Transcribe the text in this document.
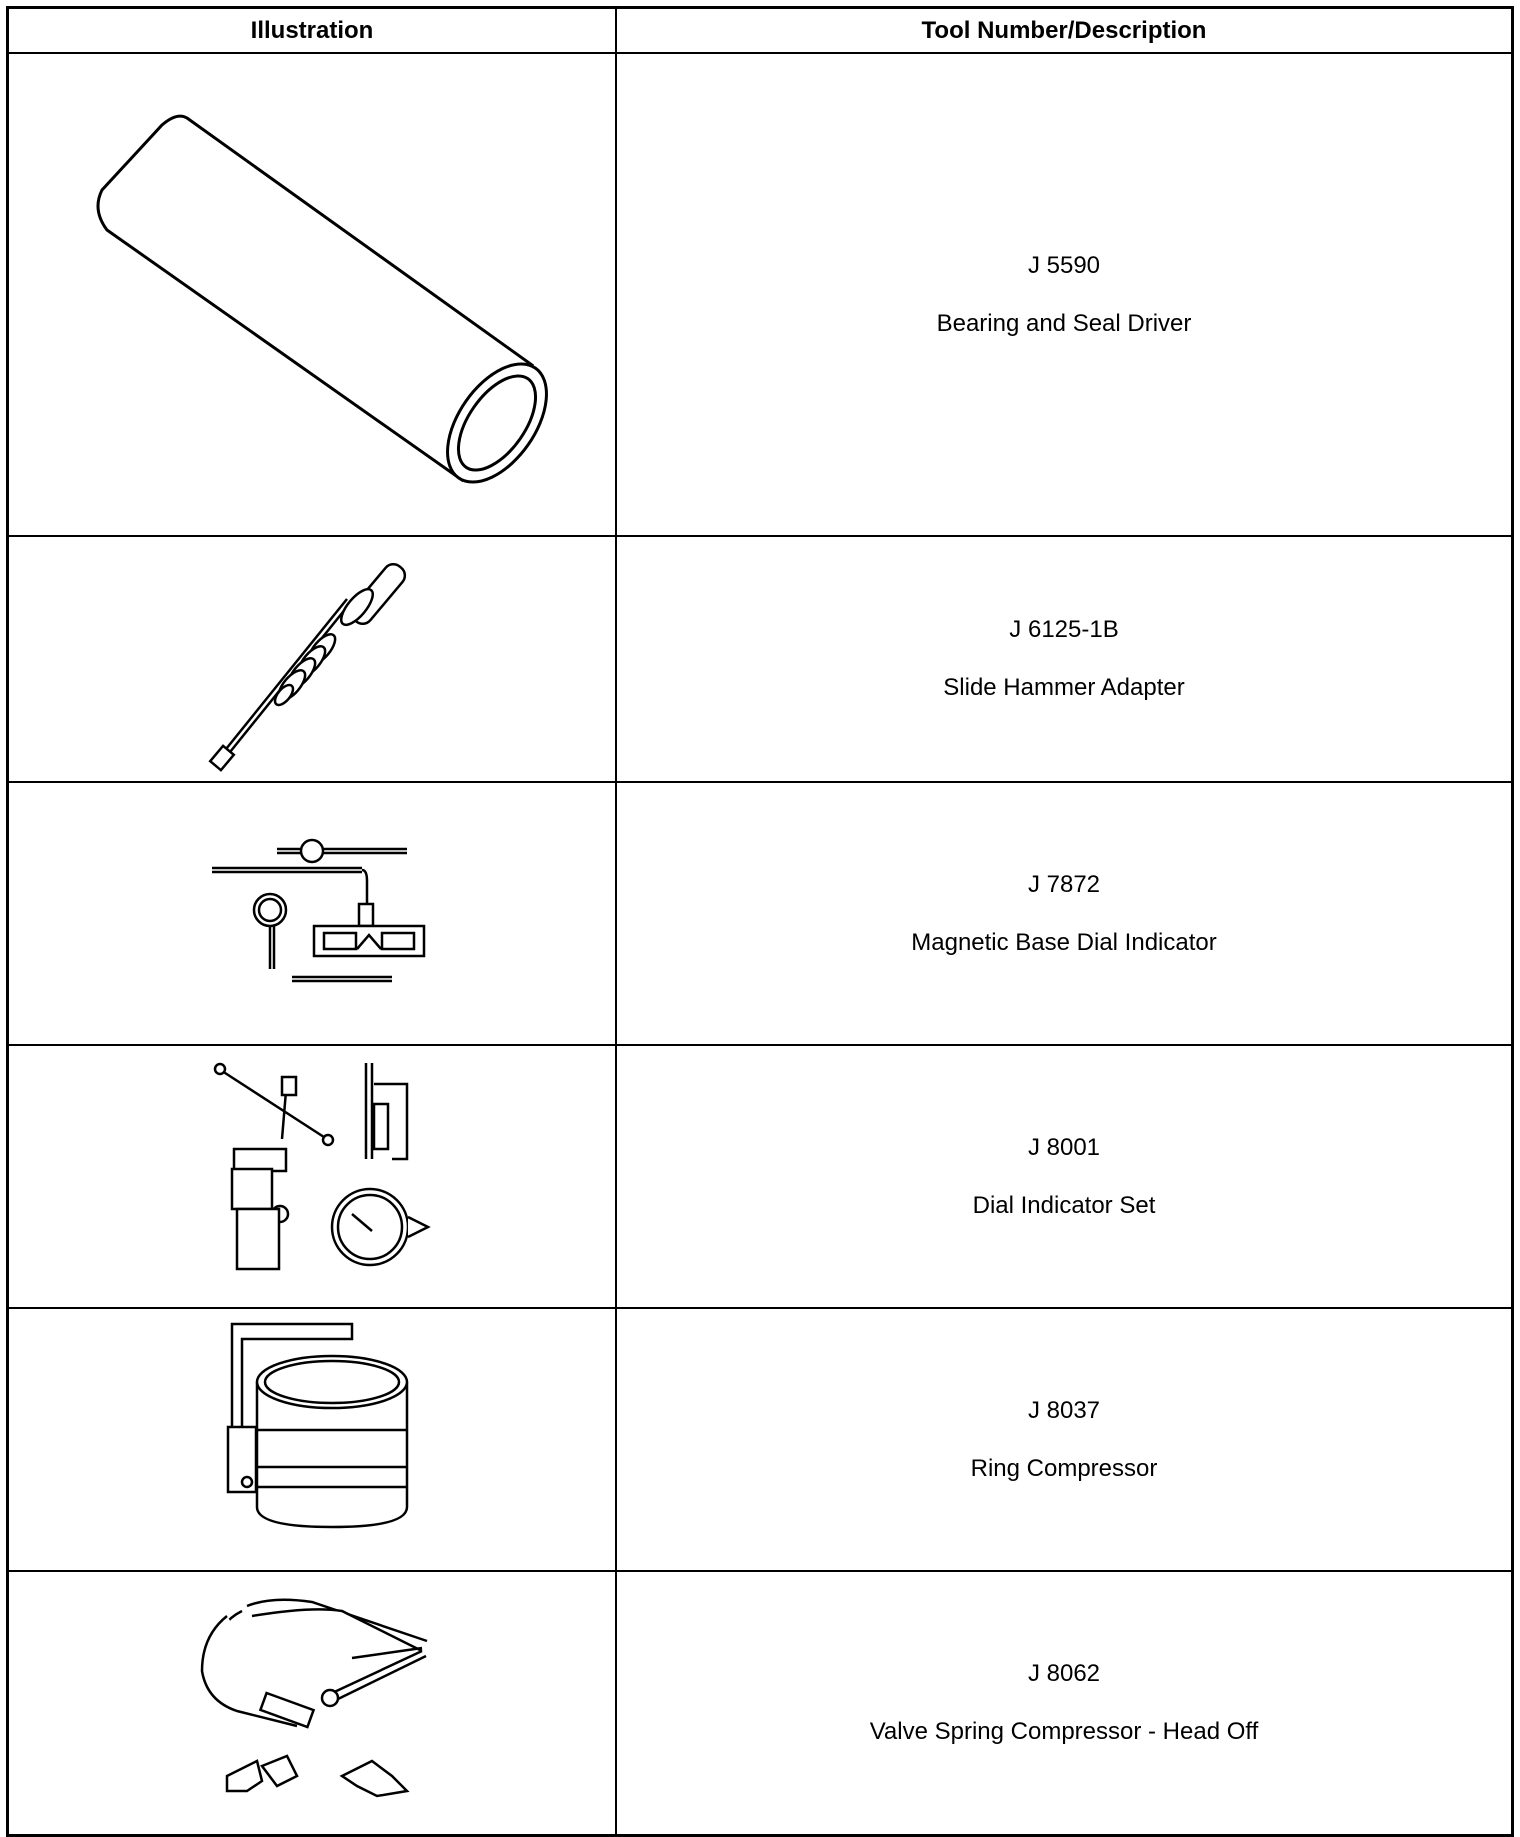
Illustration	Tool Number/Description
J 5590
Bearing and Seal Driver
J 6125-1B
Slide Hammer Adapter
J 7872
Magnetic Base Dial Indicator
J 8001
Dial Indicator Set
J 8037
Ring Compressor
J 8062
Valve Spring Compressor - Head Off
